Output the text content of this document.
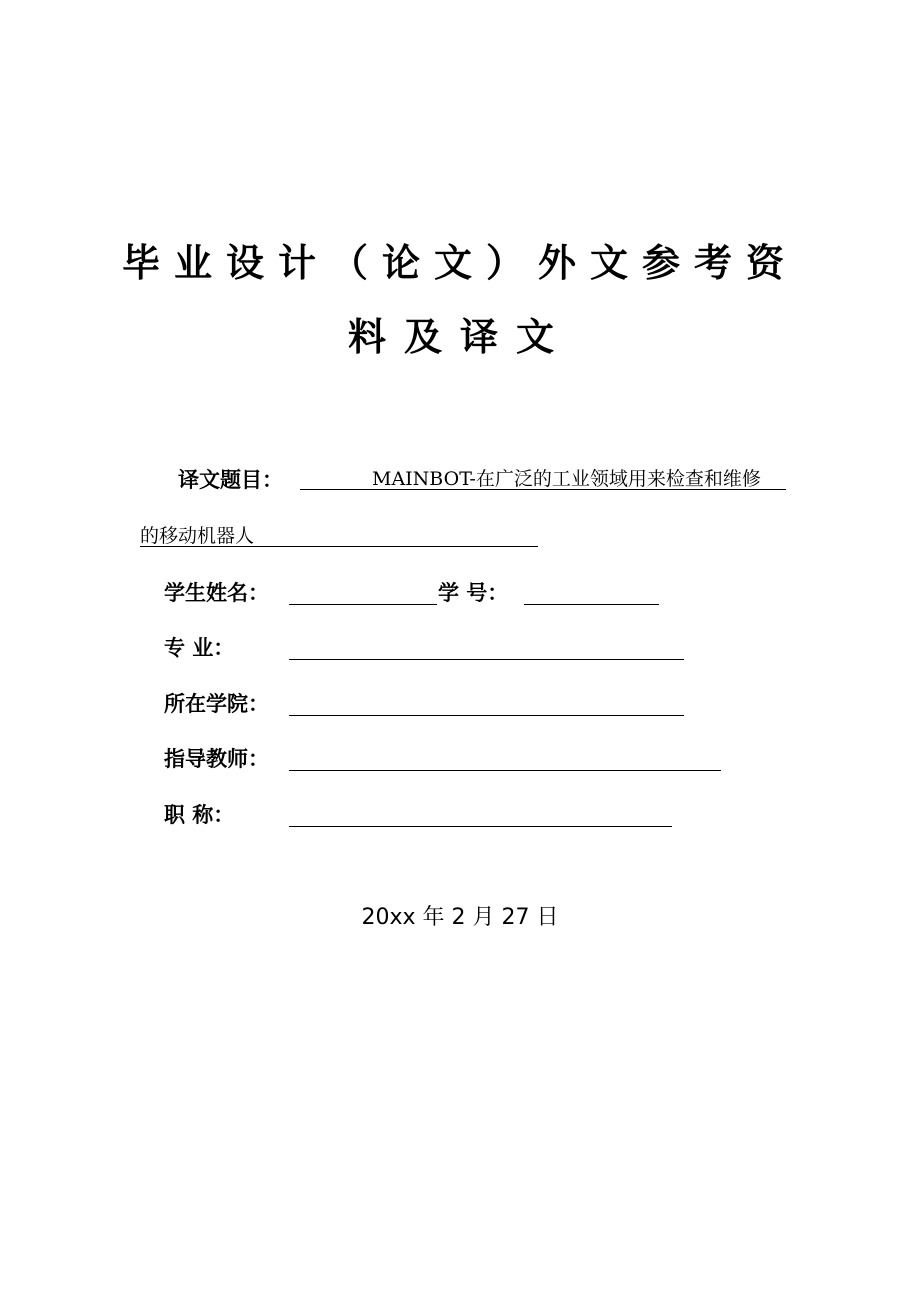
毕业设计（论文）外文参考资
料及译文
译文题目：	MAINBOT-在广泛的工业领域用来检查和维修
的移动机器人
学生姓名：	学 号：
专 业：
所在学院：
指导教师：
职 称：
20xx 年 2 月 27 日
